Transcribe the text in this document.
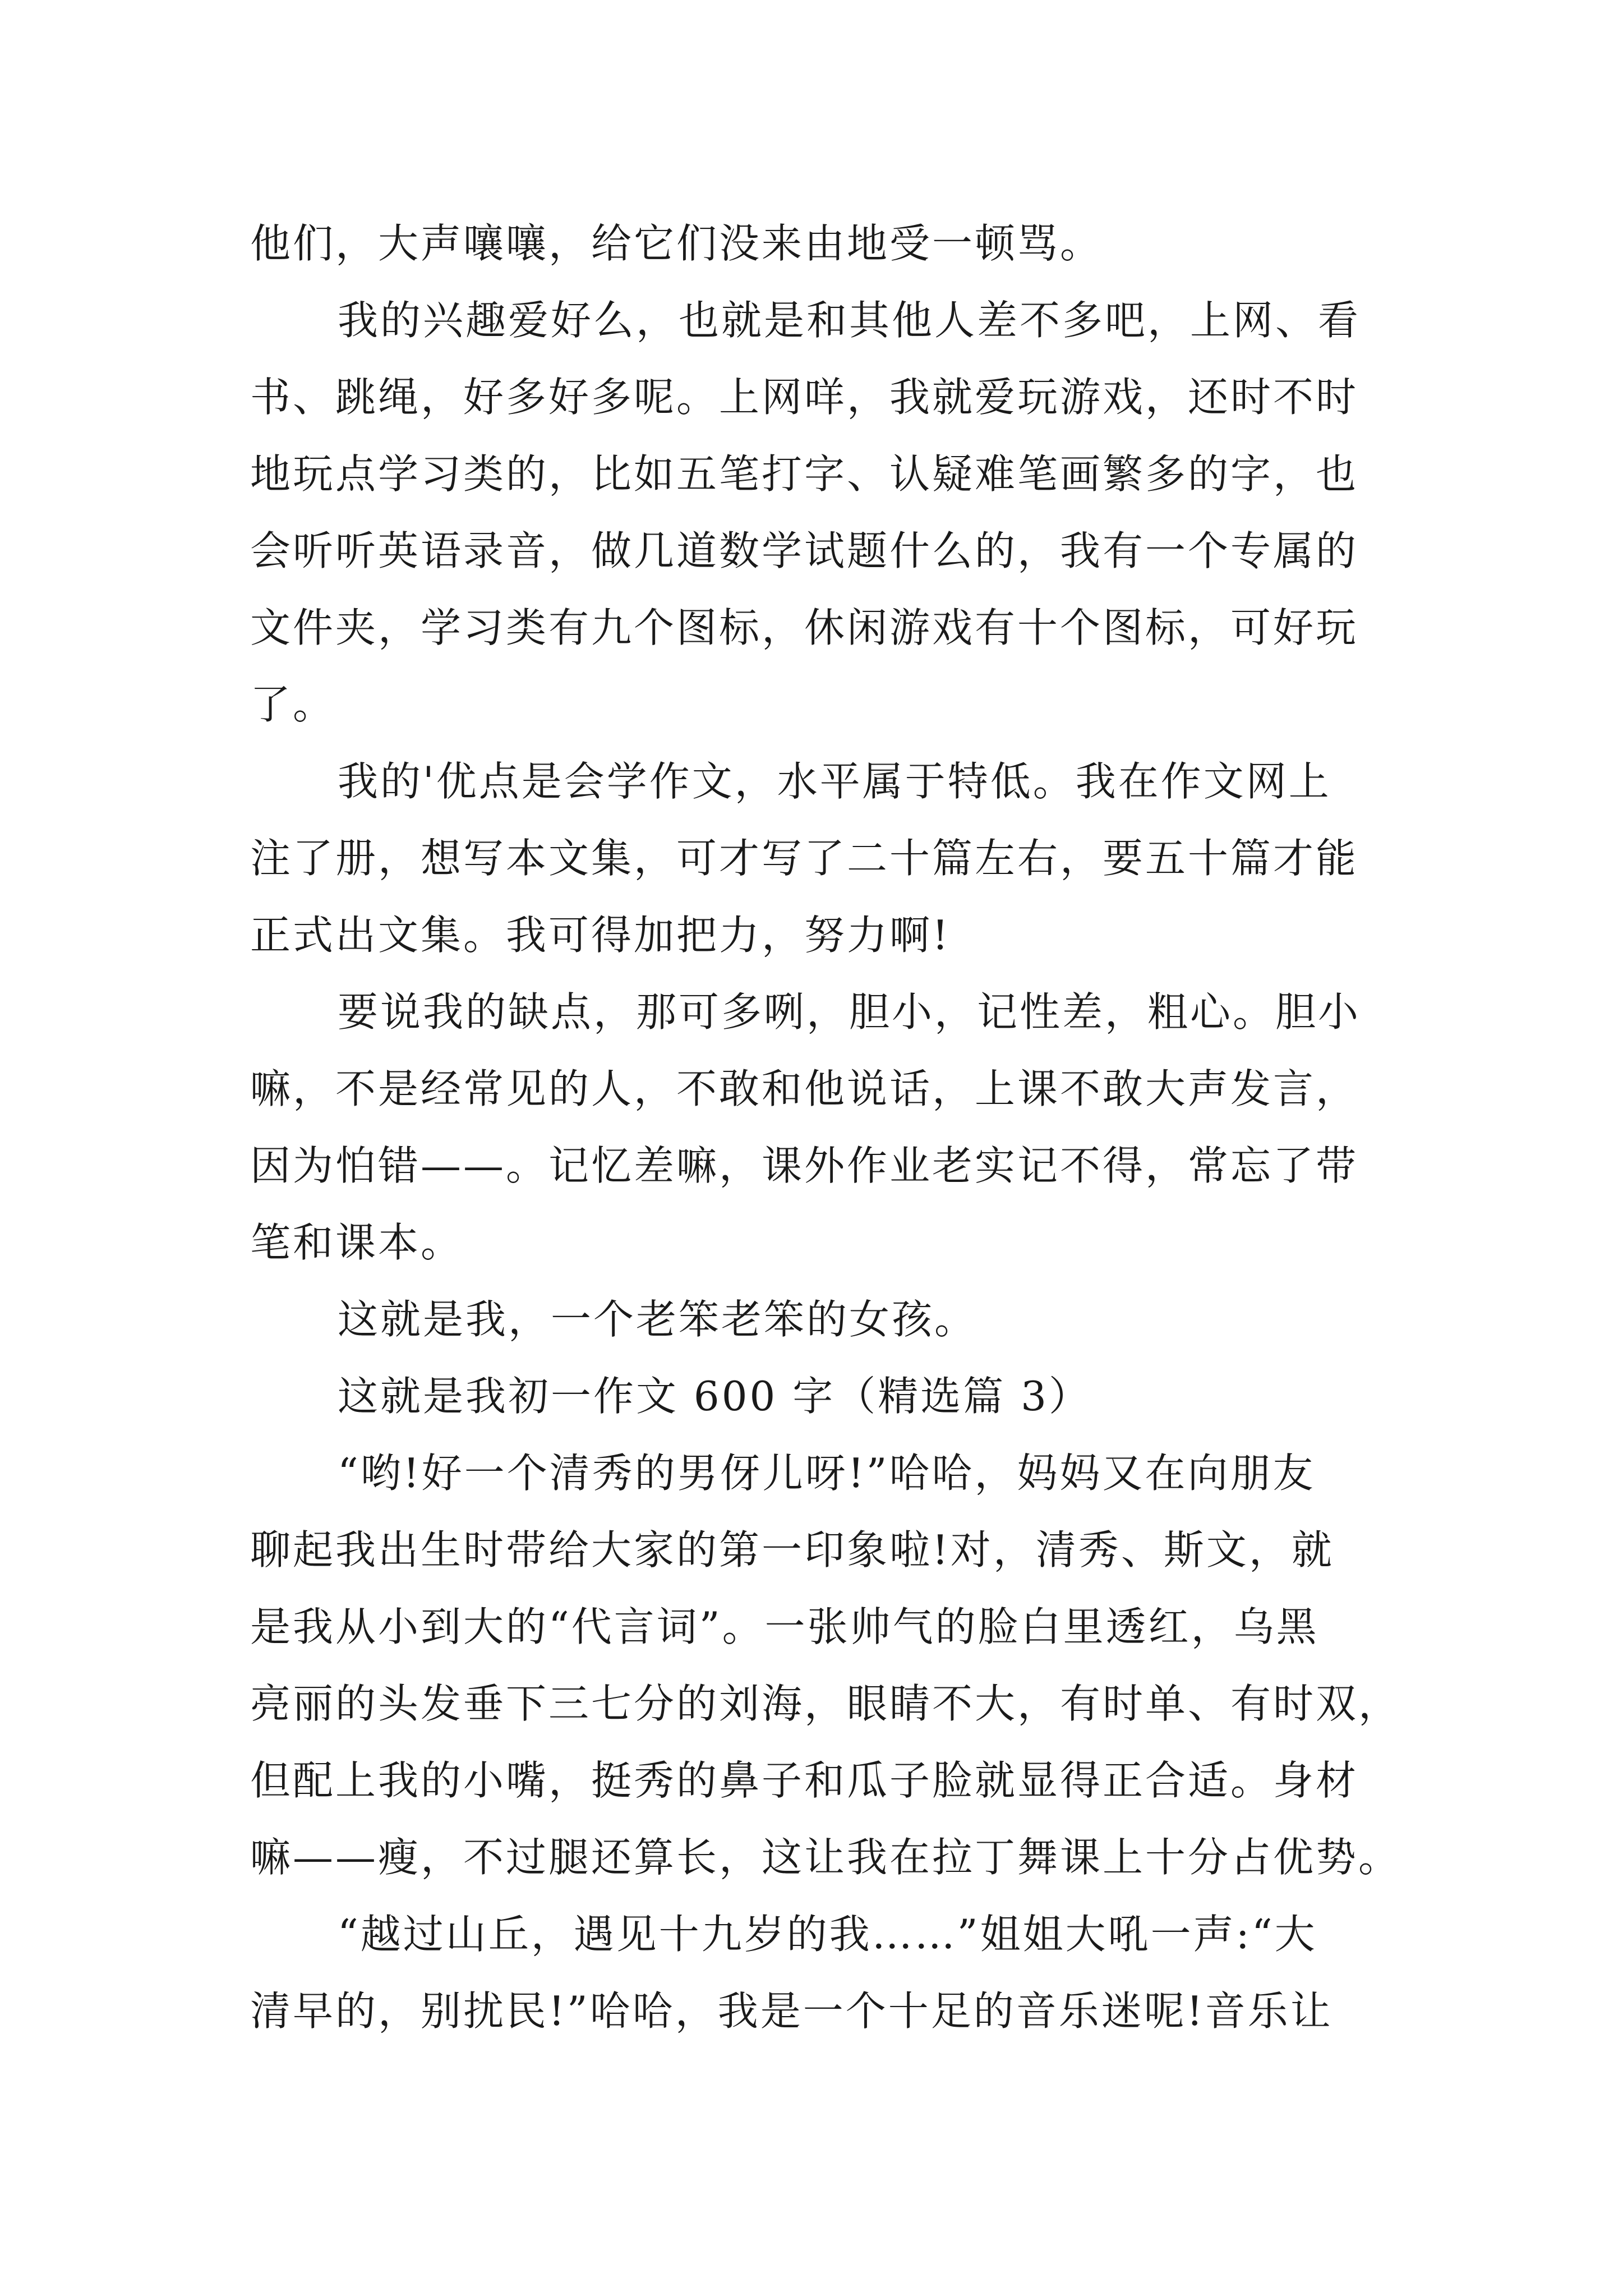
他们，大声嚷嚷，给它们没来由地受一顿骂。
我的兴趣爱好么，也就是和其他人差不多吧，上网、看
书、跳绳，好多好多呢。上网咩，我就爱玩游戏，还时不时
地玩点学习类的，比如五笔打字、认疑难笔画繁多的字，也
会听听英语录音，做几道数学试题什么的，我有一个专属的
文件夹，学习类有九个图标，休闲游戏有十个图标，可好玩
了。
我的'优点是会学作文，水平属于特低。我在作文网上
注了册，想写本文集，可才写了二十篇左右，要五十篇才能
正式出文集。我可得加把力，努力啊!
要说我的缺点，那可多咧，胆小，记性差，粗心。胆小
嘛，不是经常见的人，不敢和他说话，上课不敢大声发言，
因为怕错——。记忆差嘛，课外作业老实记不得，常忘了带
笔和课本。
这就是我，一个老笨老笨的女孩。
这就是我初一作文 600 字（精选篇 3）
“哟!好一个清秀的男伢儿呀!”哈哈，妈妈又在向朋友
聊起我出生时带给大家的第一印象啦!对，清秀、斯文，就
是我从小到大的“代言词”。一张帅气的脸白里透红，乌黑
亮丽的头发垂下三七分的刘海，眼睛不大，有时单、有时双，
但配上我的小嘴，挺秀的鼻子和瓜子脸就显得正合适。身材
嘛——瘦，不过腿还算长，这让我在拉丁舞课上十分占优势。
“越过山丘，遇见十九岁的我……”姐姐大吼一声:“大
清早的，别扰民!”哈哈，我是一个十足的音乐迷呢!音乐让
